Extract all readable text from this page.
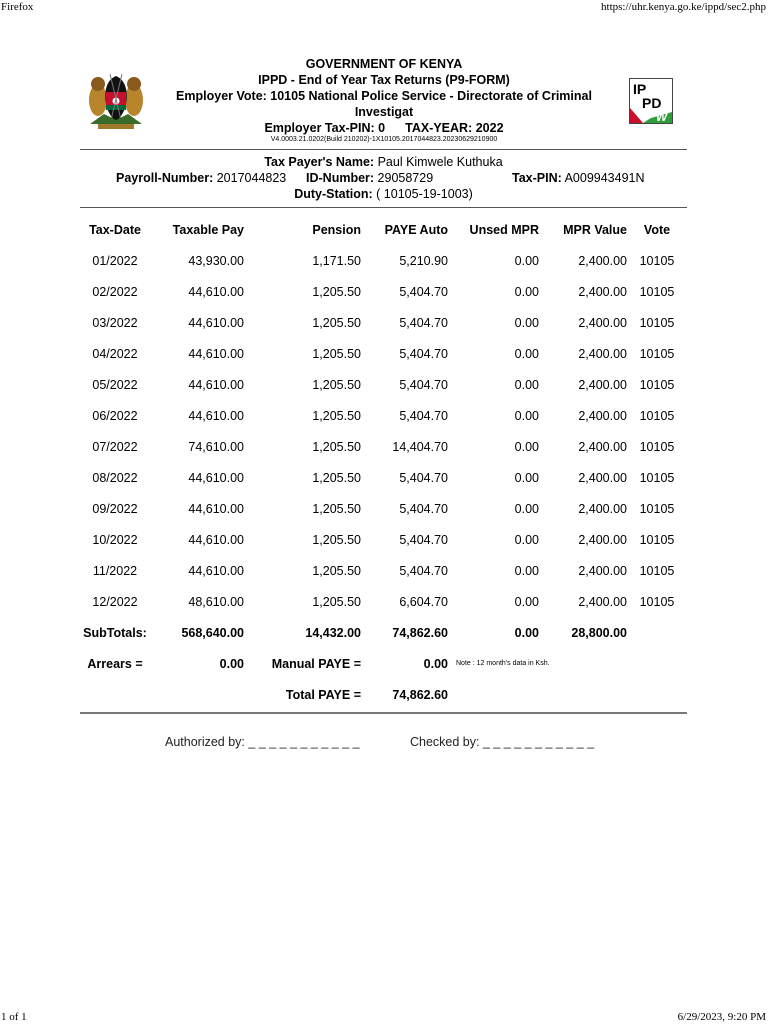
Firefox	https://uhr.kenya.go.ke/ippd/sec2.php
IP
PD
W
GOVERNMENT OF KENYA
IPPD - End of Year Tax Returns (P9-FORM)
Employer Vote: 10105 National Police Service - Directorate of Criminal
Investigat
Employer Tax-PIN: 0 TAX-YEAR: 2022
V4.0003.21.0202(Build 210202)-1X10105.2017044823.20230629210900
Tax Payer's Name: Paul Kimwele Kuthuka
Payroll-Number: 2017044823 ID-Number: 29058729	Tax-PIN: A009943491N
Duty-Station: ( 10105-19-1003)
Tax-Date	Taxable Pay	Pension	PAYE Auto	Unsed MPR	MPR Value	Vote
01/2022	43,930.00	1,171.50	5,210.90	0.00	2,400.00	10105
02/2022	44,610.00	1,205.50	5,404.70	0.00	2,400.00	10105
03/2022	44,610.00	1,205.50	5,404.70	0.00	2,400.00	10105
04/2022	44,610.00	1,205.50	5,404.70	0.00	2,400.00	10105
05/2022	44,610.00	1,205.50	5,404.70	0.00	2,400.00	10105
06/2022	44,610.00	1,205.50	5,404.70	0.00	2,400.00	10105
07/2022	74,610.00	1,205.50	14,404.70	0.00	2,400.00	10105
08/2022	44,610.00	1,205.50	5,404.70	0.00	2,400.00	10105
09/2022	44,610.00	1,205.50	5,404.70	0.00	2,400.00	10105
10/2022	44,610.00	1,205.50	5,404.70	0.00	2,400.00	10105
11/2022	44,610.00	1,205.50	5,404.70	0.00	2,400.00	10105
12/2022	48,610.00	1,205.50	6,604.70	0.00	2,400.00	10105
SubTotals:	568,640.00	14,432.00	74,862.60	0.00	28,800.00	
Arrears =	0.00	Manual PAYE =	0.00	Note : 12 month's data in Ksh.		
		Total PAYE =	74,862.60			
Authorized by: _ _ _ _ _ _ _ _ _ _ _	Checked by: _ _ _ _ _ _ _ _ _ _ _
1 of 1	6/29/2023, 9:20 PM
